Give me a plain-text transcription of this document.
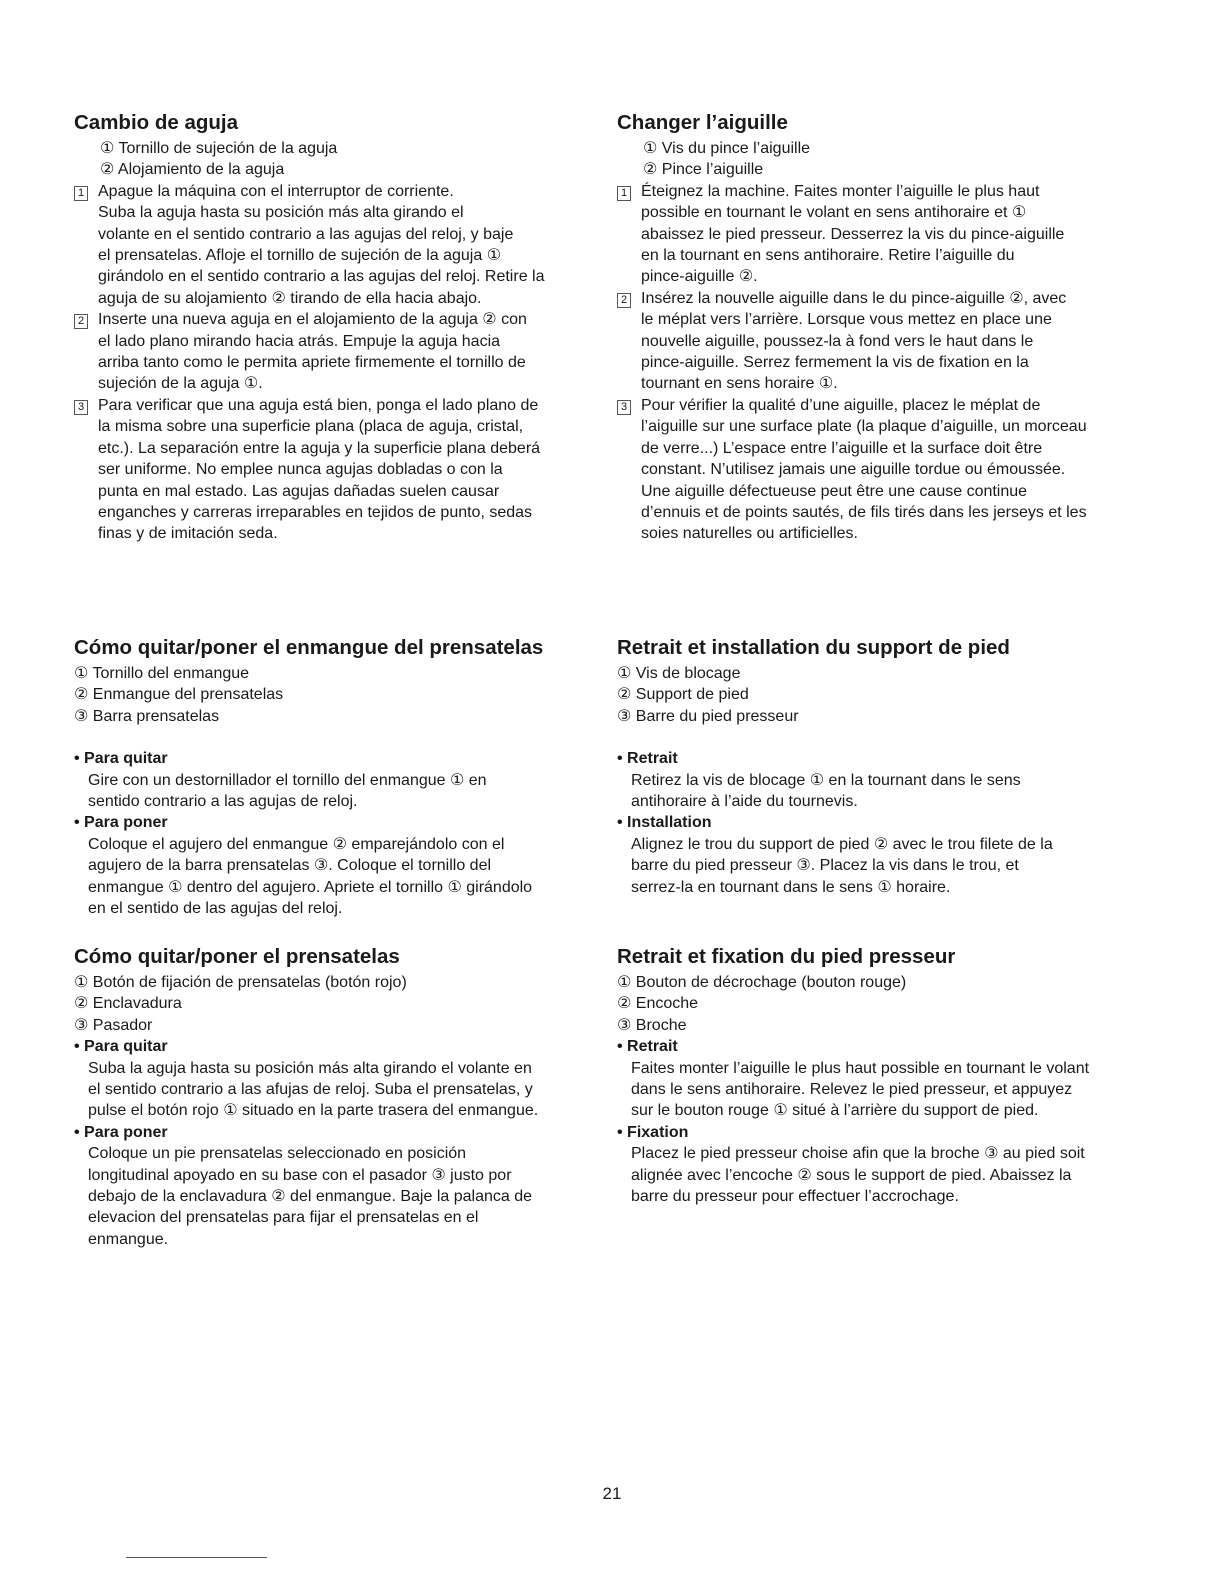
Cambio de aguja
① Tornillo de sujeción de la aguja
② Alojamiento de la aguja
1 Apague la máquina con el interruptor de corriente.
Suba la aguja hasta su posición más alta girando el
volante en el sentido contrario a las agujas del reloj, y baje
el prensatelas. Afloje el tornillo de sujeción de la aguja ①
girándolo en el sentido contrario a las agujas del reloj. Retire la
aguja de su alojamiento ② tirando de ella hacia abajo.
2 Inserte una nueva aguja en el alojamiento de la aguja ② con
el lado plano mirando hacia atrás. Empuje la aguja hacia
arriba tanto como le permita apriete firmemente el tornillo de
sujeción de la aguja ①.
3 Para verificar que una aguja está bien, ponga el lado plano de
la misma sobre una superficie plana (placa de aguja, cristal,
etc.). La separación entre la aguja y la superficie plana deberá
ser uniforme. No emplee nunca agujas dobladas o con la
punta en mal estado. Las agujas dañadas suelen causar
enganches y carreras irreparables en tejidos de punto, sedas
finas y de imitación seda.
Changer l’aiguille
① Vis du pince l’aiguille
② Pince l’aiguille
1 Éteignez la machine. Faites monter l’aiguille le plus haut
possible en tournant le volant en sens antihoraire et ①
abaissez le pied presseur. Desserrez la vis du pince-aiguille
en la tournant en sens antihoraire. Retire l’aiguille du
pince-aiguille ②.
2 Insérez la nouvelle aiguille dans le du pince-aiguille ②, avec
le méplat vers l’arrière. Lorsque vous mettez en place une
nouvelle aiguille, poussez-la à fond vers le haut dans le
pince-aiguille. Serrez fermement la vis de fixation en la
tournant en sens horaire ①.
3 Pour vérifier la qualité d’une aiguille, placez le méplat de
l’aiguille sur une surface plate (la plaque d’aiguille, un morceau
de verre...) L’espace entre l’aiguille et la surface doit être
constant. N’utilisez jamais une aiguille tordue ou émoussée.
Une aiguille défectueuse peut être une cause continue
d’ennuis et de points sautés, de fils tirés dans les jerseys et les
soies naturelles ou artificielles.
Cómo quitar/poner el enmangue del prensatelas
① Tornillo del enmangue
② Enmangue del prensatelas
③ Barra prensatelas
• Para quitar
Gire con un destornillador el tornillo del enmangue ① en
sentido contrario a las agujas de reloj.
• Para poner
Coloque el agujero del enmangue ② emparejándolo con el
agujero de la barra prensatelas ③. Coloque el tornillo del
enmangue ① dentro del agujero. Apriete el tornillo ① girándolo
en el sentido de las agujas del reloj.
Retrait et installation du support de pied
① Vis de blocage
② Support de pied
③ Barre du pied presseur
• Retrait
Retirez la vis de blocage ① en la tournant dans le sens
antihoraire à l’aide du tournevis.
• Installation
Alignez le trou du support de pied ② avec le trou filete de la
barre du pied presseur ③. Placez la vis dans le trou, et
serrez-la en tournant dans le sens ① horaire.
Cómo quitar/poner el prensatelas
① Botón de fijación de prensatelas (botón rojo)
② Enclavadura
③ Pasador
• Para quitar
Suba la aguja hasta su posición más alta girando el volante en
el sentido contrario a las afujas de reloj. Suba el prensatelas, y
pulse el botón rojo ① situado en la parte trasera del enmangue.
• Para poner
Coloque un pie prensatelas seleccionado en posición
longitudinal apoyado en su base con el pasador ③ justo por
debajo de la enclavadura ② del enmangue. Baje la palanca de
elevacion del prensatelas para fijar el prensatelas en el
enmangue.
Retrait et fixation du pied presseur
① Bouton de décrochage (bouton rouge)
② Encoche
③ Broche
• Retrait
Faites monter l’aiguille le plus haut possible en tournant le volant
dans le sens antihoraire. Relevez le pied presseur, et appuyez
sur le bouton rouge ① situé à l’arrière du support de pied.
• Fixation
Placez le pied presseur choise afin que la broche ③ au pied soit
alignée avec l’encoche ② sous le support de pied. Abaissez la
barre du presseur pour effectuer l’accrochage.
21
